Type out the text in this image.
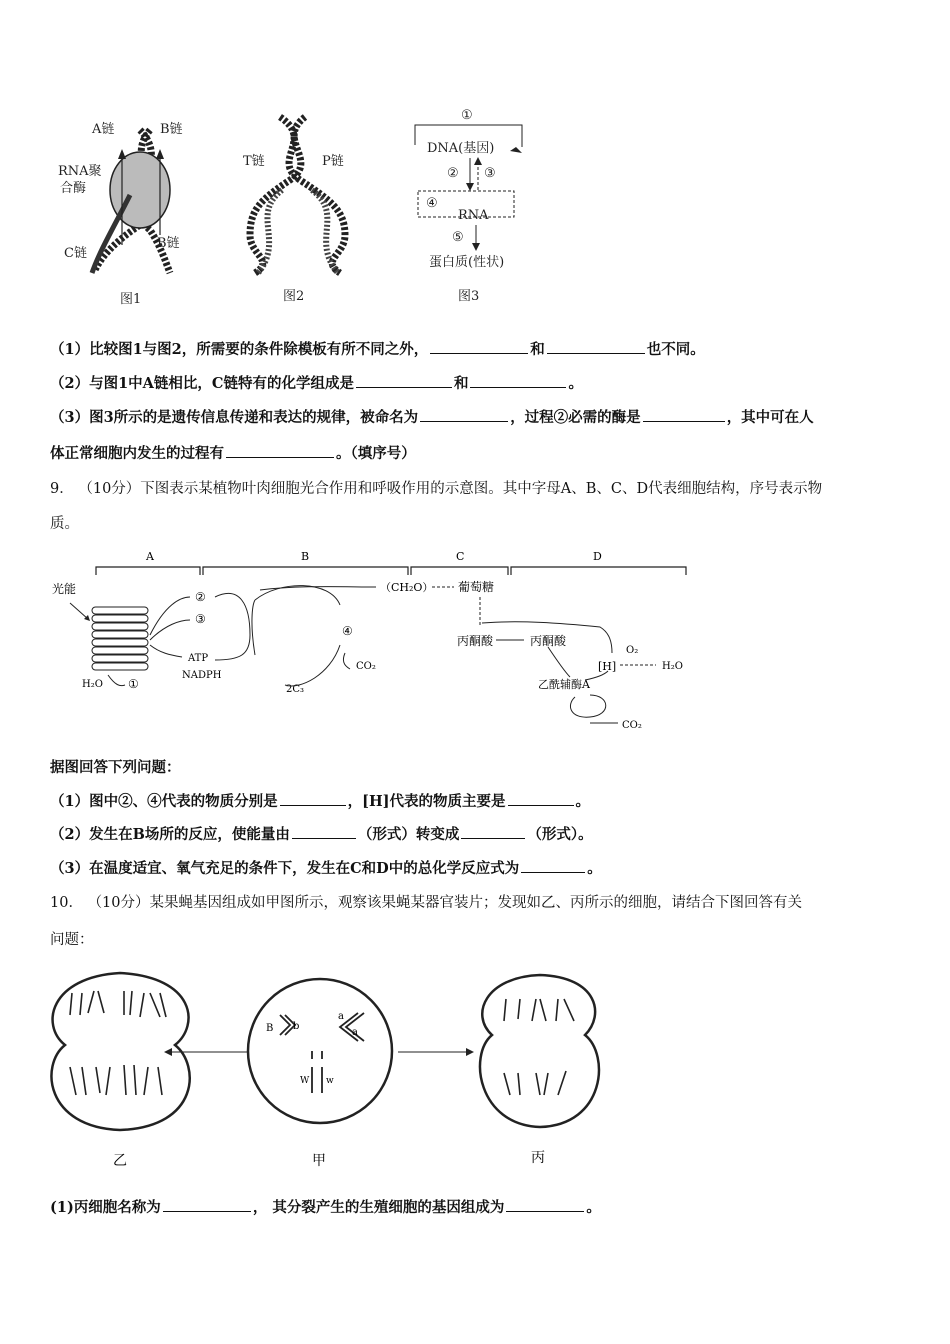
A链	B链
RNA聚
合酶
C链
B链
图1
T链	P链
图2
①
DNA(基因)
② ③
④
RNA
⑤
蛋白质(性状)
图3
（1）比较图1与图2，所需要的条件除模板有所不同之外，	和	也不同。
（2）与图1中A链相比，C链特有的化学组成是	和	。
（3）图3所示的是遗传信息传递和表达的规律，被命名为	，过程②必需的酶是	，其中可在人
体正常细胞内发生的过程有	。（填序号）
9． （10分）下图表示某植物叶肉细胞光合作用和呼吸作用的示意图。其中字母A、B、C、D代表细胞结构，序号表示物
质。
A	B	C	D
光能
②
③
H₂O ①
ATP
NADPH
④
2C₃
CO₂
（CH₂O） 葡萄糖
丙酮酸	丙酮酸
[H]
O₂
H₂O
乙酰辅酶A
CO₂
据图回答下列问题：
（1）图中②、④代表的物质分别是	，[H]代表的物质主要是	。
（2）发生在B场所的反应，使能量由	（形式）转变成	（形式）。
（3）在温度适宜、氧气充足的条件下，发生在C和D中的总化学反应式为	。
10． （10分）某果蝇基因组成如甲图所示，观察该果蝇某器官装片；发现如乙、丙所示的细胞，请结合下图回答有关
问题：
乙
B b
a
a
W w
甲	丙
(1)丙细胞名称为	， 其分裂产生的生殖细胞的基因组成为	。
